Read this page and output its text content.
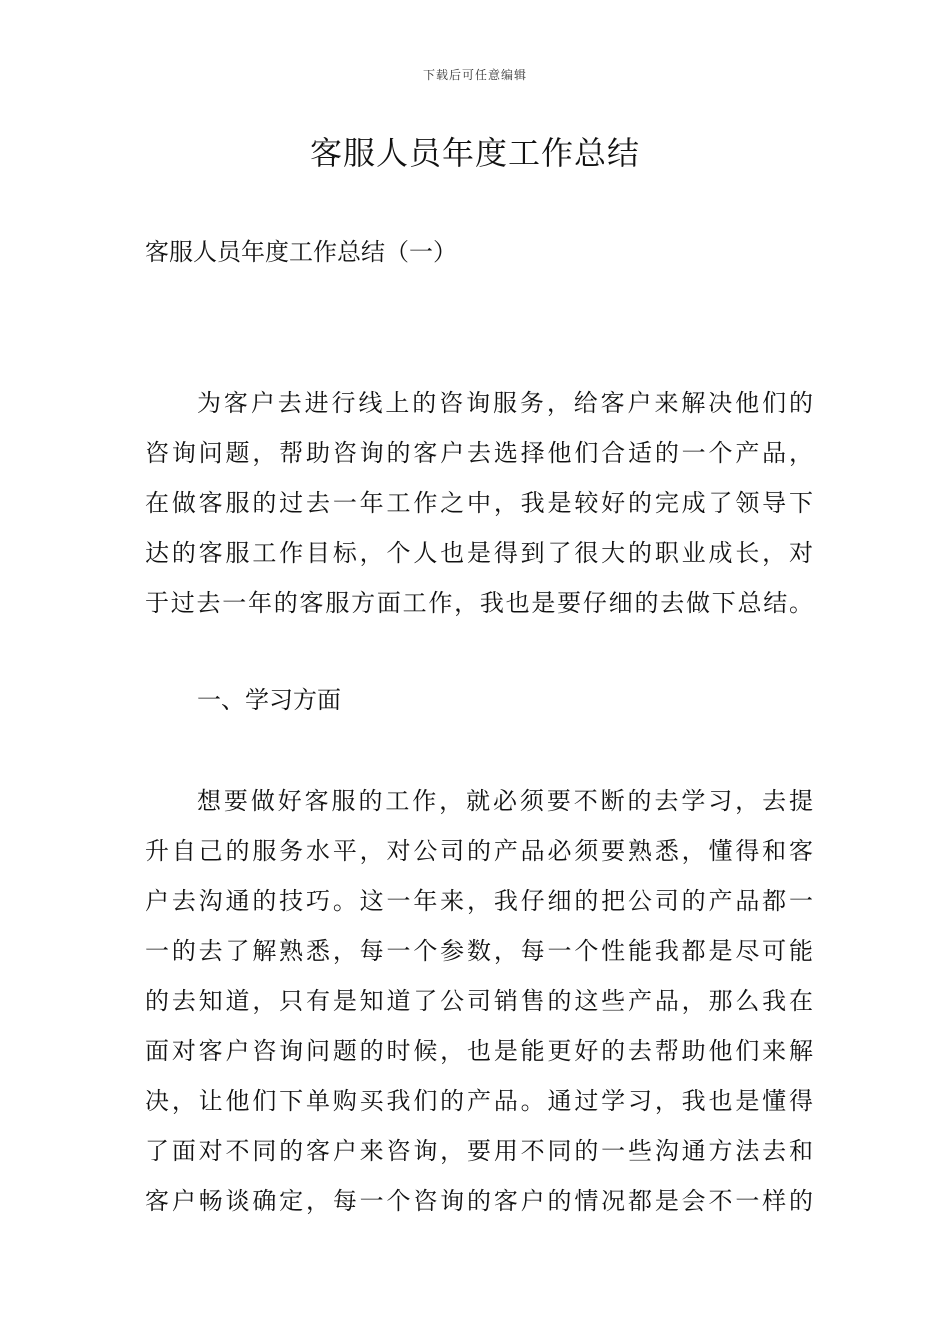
下载后可任意编辑
客服人员年度工作总结

客服人员年度工作总结（一）

为客户去进行线上的咨询服务，给客户来解决他们的

咨询问题，帮助咨询的客户去选择他们合适的一个产品，

在做客服的过去一年工作之中，我是较好的完成了领导下

达的客服工作目标，个人也是得到了很大的职业成长，对

于过去一年的客服方面工作，我也是要仔细的去做下总结。

一、学习方面

想要做好客服的工作，就必须要不断的去学习，去提

升自己的服务水平，对公司的产品必须要熟悉，懂得和客

户去沟通的技巧。这一年来，我仔细的把公司的产品都一

一的去了解熟悉，每一个参数，每一个性能我都是尽可能

的去知道，只有是知道了公司销售的这些产品，那么我在

面对客户咨询问题的时候，也是能更好的去帮助他们来解

决，让他们下单购买我们的产品。通过学习，我也是懂得

了面对不同的客户来咨询，要用不同的一些沟通方法去和

客户畅谈确定，每一个咨询的客户的情况都是会不一样的
